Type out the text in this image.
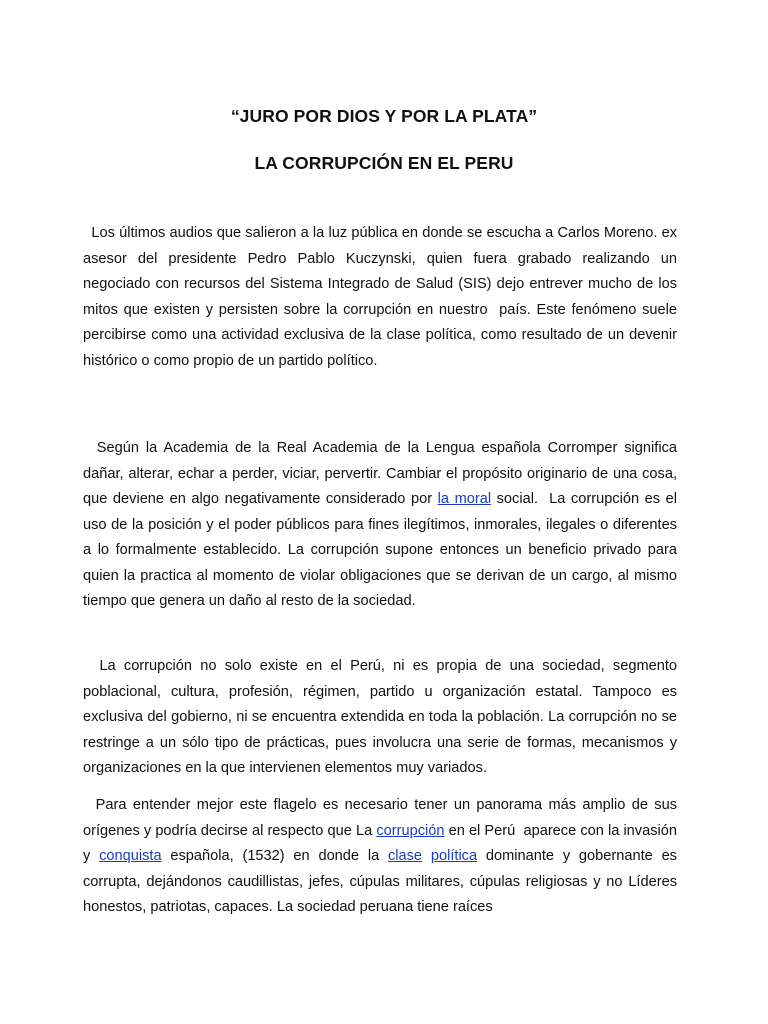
“JURO POR DIOS Y POR LA PLATA”
LA CORRUPCIÓN EN EL PERU

Los últimos audios que salieron a la luz pública en donde se escucha a Carlos Moreno. ex asesor del presidente Pedro Pablo Kuczynski, quien fuera grabado realizando un negociado con recursos del Sistema Integrado de Salud (SIS) dejo entrever mucho de los mitos que existen y persisten sobre la corrupción en nuestro  país. Este fenómeno suele percibirse como una actividad exclusiva de la clase política, como resultado de un devenir histórico o como propio de un partido político.

Según la Academia de la Real Academia de la Lengua española Corromper significa dañar, alterar, echar a perder, viciar, pervertir. Cambiar el propósito originario de una cosa, que deviene en algo negativamente considerado por la moral social.  La corrupción es el uso de la posición y el poder públicos para fines ilegítimos, inmorales, ilegales o diferentes a lo formalmente establecido. La corrupción supone entonces un beneficio privado para quien la practica al momento de violar obligaciones que se derivan de un cargo, al mismo tiempo que genera un daño al resto de la sociedad.

La corrupción no solo existe en el Perú, ni es propia de una sociedad, segmento poblacional, cultura, profesión, régimen, partido u organización estatal. Tampoco es exclusiva del gobierno, ni se encuentra extendida en toda la población. La corrupción no se restringe a un sólo tipo de prácticas, pues involucra una serie de formas, mecanismos y organizaciones en la que intervienen elementos muy variados.

Para entender mejor este flagelo es necesario tener un panorama más amplio de sus orígenes y podría decirse al respecto que La corrupción en el Perú  aparece con la invasión y conquista española, (1532) en donde la clase política dominante y gobernante es corrupta, dejándonos caudillistas, jefes, cúpulas militares, cúpulas religiosas y no Líderes honestos, patriotas, capaces. La sociedad peruana tiene raíces
